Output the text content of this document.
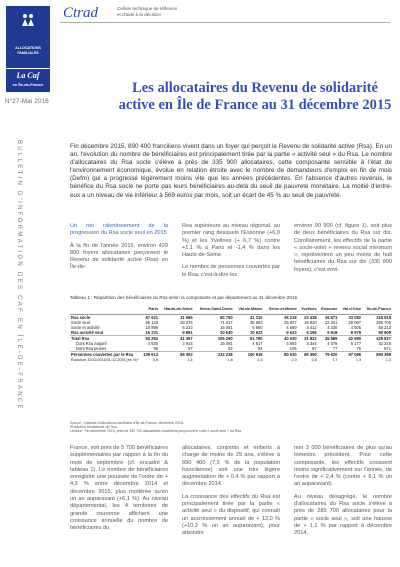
ALLOCATIONS
FAMILIALES
La Caf
en Île-de-France
N°27-Mai 2016
BULLETIN D'INFORMATION DES CAF EN ÎLE-DE-FRANCE
Ctrad	Cellule technique de réflexion
et d'aide à la décision
Les allocataires du Revenu de solidarité active en Île de France au 31 décembre 2015

Fin décembre 2015, 890 400 franciliens vivent dans un foyer qui perçoit le Revenu de solidarité active (Rsa). En un an, l'évolution du nombre de bénéficiaires est principalement tirée par la partie « activité seul » du Rsa. Le nombre d'allocataires du Rsa socle s'élève à près de 335 900 allocataires, cette composante sensible à l'état de l'environnement économique, évolue en relation étroite avec le nombre de demandeurs d'emploi en fin de mois (Defm) qui a progressé légèrement moins vite que les années précédentes. En l'absence d'autres revenus, le bénéfice du Rsa socle ne porte pas leurs bénéficiaires au-delà du seuil de pauvreté monétaire. La moitié d'entre-eux a un niveau de vie inférieur à 569 euros par mois, soit un écart de 45 % au seuil de pauvreté.

Un net ralentissement de la progression du Rsa socle seul en 2015

À la fin de l'année 2015, environ 429 800 foyers allocataires perçoivent le Revenu de solidarité active (Rsa) en Île-de-

Rsa supérieure au niveau régional, au premier rang desquels l'Essonne (+6,9 %) et les Yvelines (+ 6,7 %) contre +1,1 % à Paris et -1,4 % dans les Hauts-de-Seine.

Le nombre de personnes couvertes par le Rsa, c'est-à-dire les

environ 90 900 (cf. figure 1), soit plus de deux bénéficiaires du Rsa sur dix. Corollairement, les effectifs de la partie « socle-volet » revenu social minimum », représentent un peu moins de huit bénéficiaires du Rsa sur dix (335 900 foyers), c'est envi-

Tableau 1 : Répartition des bénéficiaires du Rsa selon la composante et par département au 31 décembre 2015
	Paris	Hauts-de-Seine	Seine-Saint-Denis	Val-de-Marne	Seine-et-Marne	Yvelines	Essonne	Val-d'Oise	Île-de-France
Rsa socle	67 621	31 556	60 750	41 210	36 218	22 438	26 671	33 082	318 918
Socle seul	66 123	28 376	71 917	35 683	25 927	19 820	22 341	29 067	295 705
Socle et activité	10 896	5 223	15 061	5 560	4 689	3 412	4 330	4 505	50 213
Rsa activité seul	16 231	9 861	20 540	10 622	9 623	6 156	6 918	8 978	90 909
Total Rsa	83 252	41 397	105 290	51 790	40 630	31 822	35 589	42 690	429 827
Dont Rsa majoré	4 830	3 924	15 491	4 617	5 864	3 344	4 678	5 177	42 245
Dont Rsa jeunes	96	57	82	94	105	87	77	76	671
Personnes couvertes par le Rsa	139 913	69 302	232 238	100 916	80 930	66 390	79 620	97 096	890 398
Évolution 31/12/2015/31-12-2015 (en %)*	0,6	1,4	1,8	1,3	2,0	2,8	1,7	1,3	1,3
Source : Caisses d'allocations familiales d'Île-de-France, décembre 2015.
*Évolution trimestrielle du Rsa.
Lecture : Fin décembre 2015, près de 330 700 allocataires franciliens perçoivent le volet « socle seul » du Rsa.

France, soit près de 5 700 bénéficiaires supplémentaires par rapport à la fin du mois de septembre (cf. encadré & tableau 1). Le nombre de bénéficiaires enregistre une poussée de l'ordre de + 4,3 % entre décembre 2014 et décembre 2015, plus modérée qu'en un an auparavant (+6,1 %). Au niveau départemental, les 4 territoires de grande couronne affichent une croissance annuelle du nombre de bénéficiaires du

allocataires, conjoints et enfants à charge de moins de 25 ans, s'élève à 890 400 (7,5 % de la population francilienne) soit une très légère augmentation de + 0,4 % par rapport à décembre 2014.

La croissance des effectifs du Rsa est principalement tirée par la partie « activité seul » du dispositif, qui connaît un accroissement annuel de + 12,0 % (+10,2 % un an auparavant), pour atteindre

non 3 000 bénéficiaires de plus qu'au trimestre précédent. Pour cette composante, les effectifs croissent moins significativement sur l'année, de l'ordre de + 2,4 % (contre + 6,1 % un an auparavant).

Au niveau désagrégé, le nombre d'allocataires du Rsa socle s'élève à près de 285 700 allocataires pour la partie « socle seul », soit une hausse de + 1,1 % par rapport à décembre 2014,
